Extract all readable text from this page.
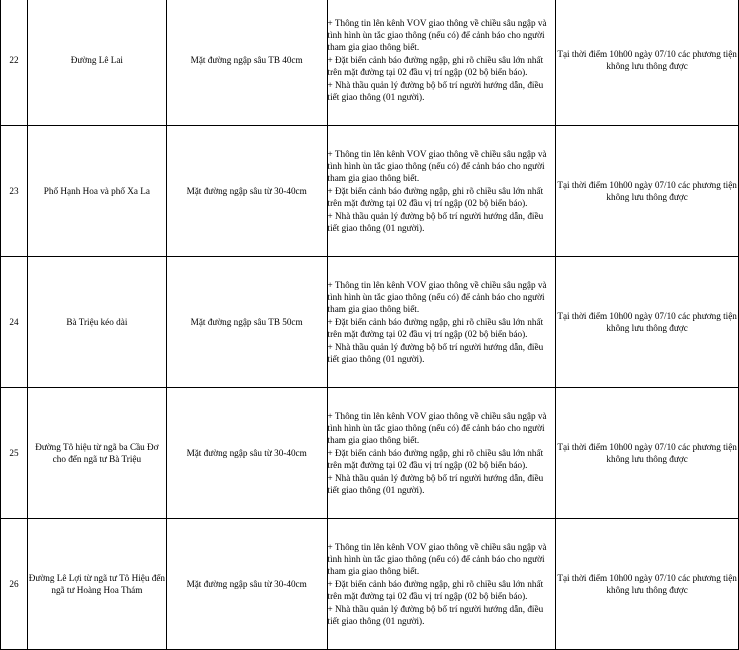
22	Đường Lê Lai	Mặt đường ngập sâu TB 40cm	+ Thông tin lên kênh VOV giao thông về chiều sâu ngập và tình hình ùn tắc giao thông (nếu có) để cảnh báo cho người tham gia giao thông biết.
+ Đặt biển cảnh báo đường ngập, ghi rõ chiều sâu lớn nhất trên mặt đường tại 02 đầu vị trí ngập (02 bộ biển báo).
+ Nhà thầu quản lý đường bộ bố trí người hướng dẫn, điều tiết giao thông (01 người).	Tại thời điểm 10h00 ngày 07/10 các phương tiện không lưu thông được
23	Phố Hạnh Hoa và phố Xa La	Mặt đường ngập sâu từ 30-40cm	+ Thông tin lên kênh VOV giao thông về chiều sâu ngập và tình hình ùn tắc giao thông (nếu có) để cảnh báo cho người tham gia giao thông biết.
+ Đặt biển cảnh báo đường ngập, ghi rõ chiều sâu lớn nhất trên mặt đường tại 02 đầu vị trí ngập (02 bộ biển báo).
+ Nhà thầu quản lý đường bộ bố trí người hướng dẫn, điều tiết giao thông (01 người).	Tại thời điểm 10h00 ngày 07/10 các phương tiện không lưu thông được
24	Bà Triệu kéo dài	Mặt đường ngập sâu TB 50cm	+ Thông tin lên kênh VOV giao thông về chiều sâu ngập và tình hình ùn tắc giao thông (nếu có) để cảnh báo cho người tham gia giao thông biết.
+ Đặt biển cảnh báo đường ngập, ghi rõ chiều sâu lớn nhất trên mặt đường tại 02 đầu vị trí ngập (02 bộ biển báo).
+ Nhà thầu quản lý đường bộ bố trí người hướng dẫn, điều tiết giao thông (01 người).	Tại thời điểm 10h00 ngày 07/10 các phương tiện không lưu thông được
25	Đường Tô hiệu từ ngã ba Cầu Đơ cho đến ngã tư Bà Triệu	Mặt đường ngập sâu từ 30-40cm	+ Thông tin lên kênh VOV giao thông về chiều sâu ngập và tình hình ùn tắc giao thông (nếu có) để cảnh báo cho người tham gia giao thông biết.
+ Đặt biển cảnh báo đường ngập, ghi rõ chiều sâu lớn nhất trên mặt đường tại 02 đầu vị trí ngập (02 bộ biển báo).
+ Nhà thầu quản lý đường bộ bố trí người hướng dẫn, điều tiết giao thông (01 người).	Tại thời điểm 10h00 ngày 07/10 các phương tiện không lưu thông được
26	Đường Lê Lợi từ ngã tư Tô Hiệu đến ngã tư Hoàng Hoa Thám	Mặt đường ngập sâu từ 30-40cm	+ Thông tin lên kênh VOV giao thông về chiều sâu ngập và tình hình ùn tắc giao thông (nếu có) để cảnh báo cho người tham gia giao thông biết.
+ Đặt biển cảnh báo đường ngập, ghi rõ chiều sâu lớn nhất trên mặt đường tại 02 đầu vị trí ngập (02 bộ biển báo).
+ Nhà thầu quản lý đường bộ bố trí người hướng dẫn, điều tiết giao thông (01 người).	Tại thời điểm 10h00 ngày 07/10 các phương tiện không lưu thông được
